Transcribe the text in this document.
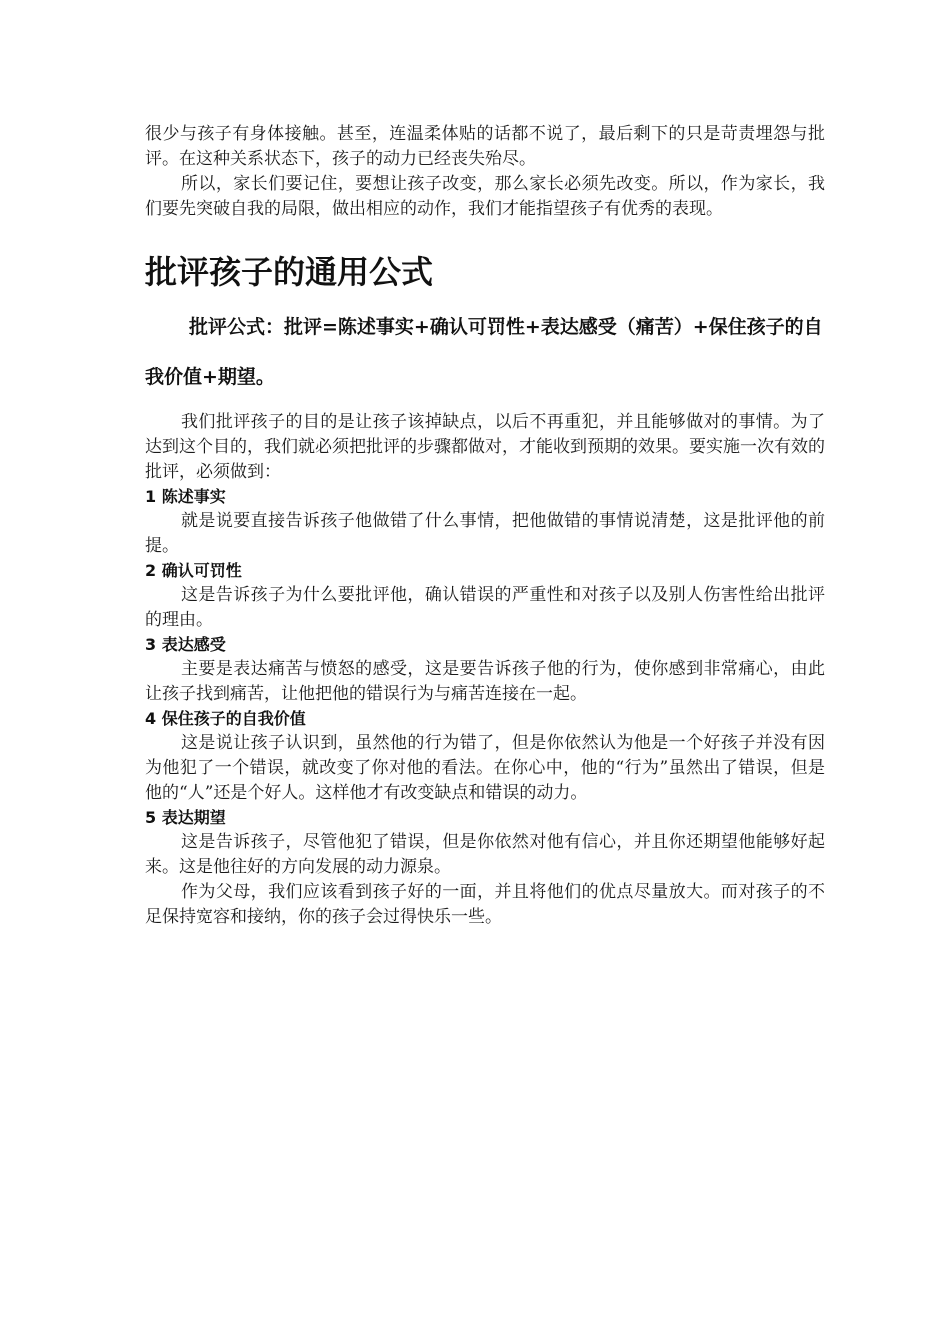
很少与孩子有身体接触。甚至，连温柔体贴的话都不说了，最后剩下的只是苛责埋怨与批评。在这种关系状态下，孩子的动力已经丧失殆尽。

所以，家长们要记住，要想让孩子改变，那么家长必须先改变。所以，作为家长，我们要先突破自我的局限，做出相应的动作，我们才能指望孩子有优秀的表现。

批评孩子的通用公式

批评公式：批评=陈述事实+确认可罚性+表达感受（痛苦）+保住孩子的自我价值+期望。

我们批评孩子的目的是让孩子该掉缺点，以后不再重犯，并且能够做对的事情。为了达到这个目的，我们就必须把批评的步骤都做对，才能收到预期的效果。要实施一次有效的批评，必须做到：

1 陈述事实

就是说要直接告诉孩子他做错了什么事情，把他做错的事情说清楚，这是批评他的前提。

2 确认可罚性

这是告诉孩子为什么要批评他，确认错误的严重性和对孩子以及别人伤害性给出批评的理由。

3 表达感受

主要是表达痛苦与愤怒的感受，这是要告诉孩子他的行为，使你感到非常痛心，由此让孩子找到痛苦，让他把他的错误行为与痛苦连接在一起。

4 保住孩子的自我价值

这是说让孩子认识到，虽然他的行为错了，但是你依然认为他是一个好孩子并没有因为他犯了一个错误，就改变了你对他的看法。在你心中，他的“行为”虽然出了错误，但是他的“人”还是个好人。这样他才有改变缺点和错误的动力。

5 表达期望

这是告诉孩子，尽管他犯了错误，但是你依然对他有信心，并且你还期望他能够好起来。这是他往好的方向发展的动力源泉。

作为父母，我们应该看到孩子好的一面，并且将他们的优点尽量放大。而对孩子的不足保持宽容和接纳，你的孩子会过得快乐一些。
